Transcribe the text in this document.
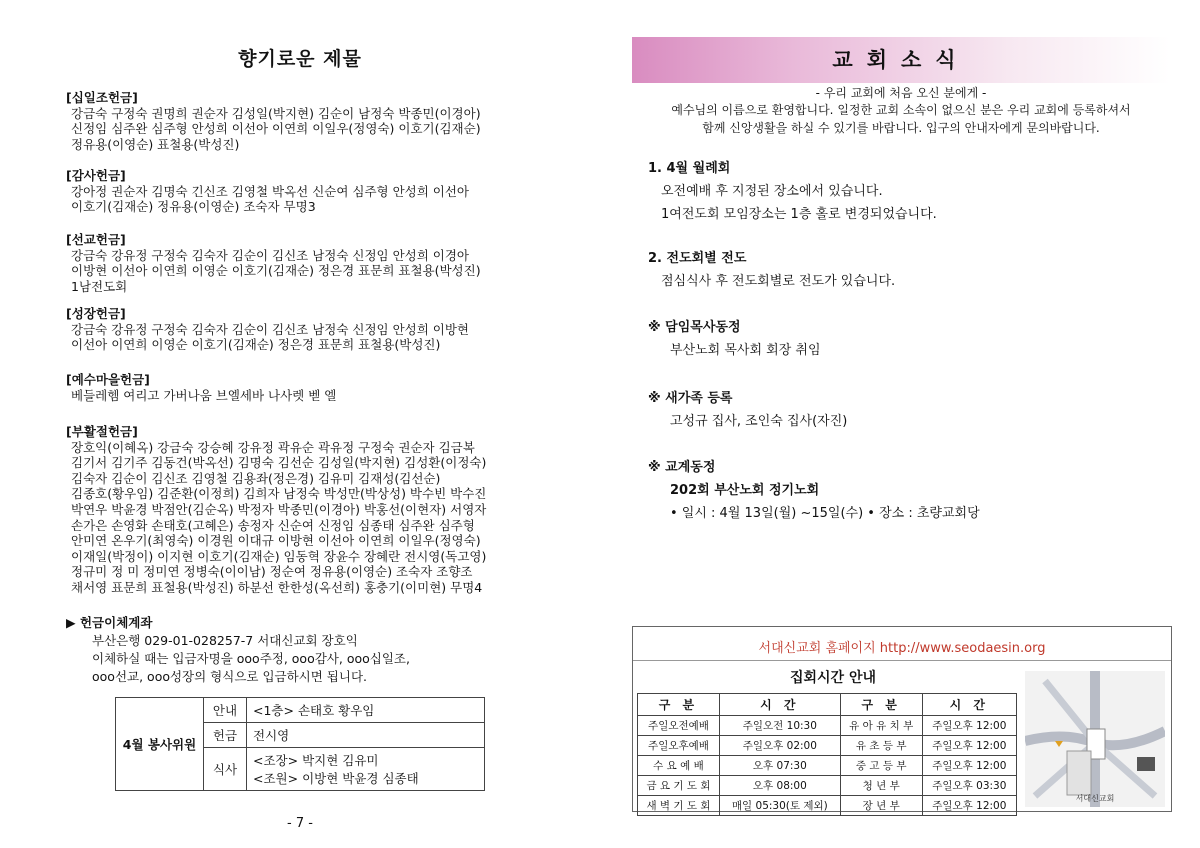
향기로운 제물
[십일조헌금]
강금숙 구정숙 권명희 권순자 김성일(박지현) 김순이 남정숙 박종민(이경아)
신정임 심주완 심주형 안성희 이선아 이연희 이일우(정영숙) 이호기(김재순)
정유용(이영순) 표철용(박성진)
[감사헌금]
강아정 권순자 김명숙 긴신조 김영철 박옥선 신순여 심주형 안성희 이선아
이호기(김재순) 정유용(이영순) 조숙자 무명3
[선교헌금]
강금숙 강유정 구정숙 김숙자 김순이 김신조 남정숙 신정임 안성희 이경아
이방현 이선아 이연희 이영순 이호기(김재순) 정은경 표문희 표철용(박성진)
1남전도회
[성장헌금]
강금숙 강유정 구정숙 김숙자 김순이 김신조 남정숙 신정임 안성희 이방현
이선아 이연희 이영순 이호기(김재순) 정은경 표문희 표철용(박성진)
[예수마을헌금]
베들레헴 여리고 가버나움 브엘세바 나사렛 벧 엘
[부활절헌금]
장호익(이혜옥) 강금숙 강승혜 강유정 곽유순 곽유정 구정숙 권순자 김금복
김기서 김기주 김동건(박옥선) 김명숙 김선순 김성일(박지현) 김성환(이정숙)
김숙자 김순이 김신조 김영철 김용좌(정은경) 김유미 김재성(김선순)
김종호(황우임) 김준환(이정희) 김희자 남정숙 박성만(박상성) 박수빈 박수진
박연우 박윤경 박점안(김순옥) 박정자 박종민(이경아) 박홍선(이현자) 서영자
손가은 손영화 손태호(고혜은) 송정자 신순여 신정임 심종태 심주완 심주형
안미연 온우기(최영숙) 이경원 이대규 이방현 이선아 이연희 이일우(정영숙)
이재일(박정이) 이지현 이호기(김재순) 임동혁 장윤수 장혜란 전시영(독고영)
정규미 정 미 정미연 정병숙(이이남) 정순여 정유용(이영순) 조숙자 조향조
채서영 표문희 표철용(박성진) 하분선 한한성(옥선희) 홍충기(이미현) 무명4
▶ 헌금이체계좌
부산은행 029-01-028257-7 서대신교회 장호익
이체하실 때는 입금자명을 ooo주정, ooo감사, ooo십일조,
ooo선교, ooo성장의 형식으로 입금하시면 됩니다.
4월 봉사위원	안내	<1층> 손태호 황우임
	헌금	전시영
	식사	<조장> 박지현 김유미
<조원> 이방현 박윤경 심종태
- 7 -
교회소식
- 우리 교회에 처음 오신 분에게 -
예수님의 이름으로 환영합니다. 일정한 교회 소속이 없으신 분은 우리 교회에 등록하셔서
함께 신앙생활을 하실 수 있기를 바랍니다. 입구의 안내자에게 문의바랍니다.
1. 4월 월례회
오전예배 후 지정된 장소에서 있습니다.
1여전도회 모임장소는 1층 홀로 변경되었습니다.
2. 전도회별 전도
점심식사 후 전도회별로 전도가 있습니다.
※ 담임목사동정
부산노회 목사회 회장 취임
※ 새가족 등록
고성규 집사, 조인숙 집사(자진)
※ 교계동정
202회 부산노회 정기노회
• 일시 : 4월 13일(월) ~15일(수) • 장소 : 초량교회당
서대신교회 홈페이지 http://www.seodaesin.org
집회시간 안내
구 분	시 간	구 분	시 간
주일오전예배	주일오전 10:30	유 아 유 치 부	주일오후 12:00
주일오후예배	주일오후 02:00	유 초 등 부	주일오후 12:00
수 요 예 배	오후 07:30	중 고 등 부	주일오후 12:00
금 요 기 도 회	오후 08:00	청 년 부	주일오후 03:30
새 벽 기 도 회	매일 05:30(토 제외)	장 년 부	주일오후 12:00
서대신교회
